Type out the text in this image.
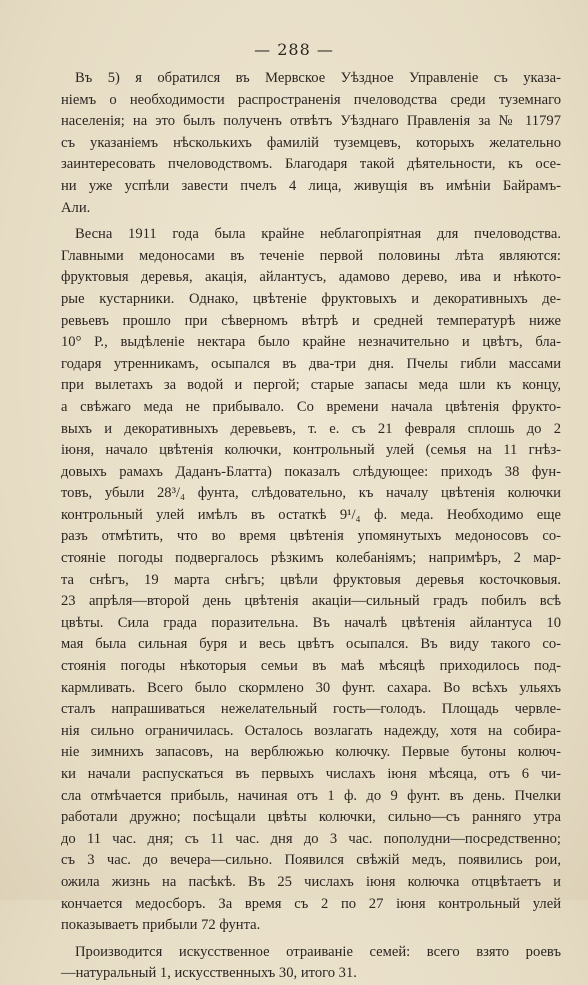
— 288 —
Въ 5) я обратился въ Мервское Уѣздное Управленіе съ указа-
ніемъ о необходимости распространенія пчеловодства среди туземнаго
населенія; на это былъ полученъ отвѣтъ Уѣзднаго Правленія за № 11797
съ указаніемъ нѣсколькихъ фамилій туземцевъ, которыхъ желательно
заинтересовать пчеловодствомъ. Благодаря такой дѣятельности, къ осе-
ни уже успѣли завести пчелъ 4 лица, живущія въ имѣніи Байрамъ-
Али.
Весна 1911 года была крайне неблагопріятная для пчеловодства.
Главными медоносами въ теченіе первой половины лѣта являются:
фруктовыя деревья, акація, айлантусъ, адамово дерево, ива и нѣкото-
рые кустарники. Однако, цвѣтеніе фруктовыхъ и декоративныхъ де-
ревьевъ прошло при сѣверномъ вѣтрѣ и средней температурѣ ниже
10° Р., выдѣленіе нектара было крайне незначительно и цвѣтъ, бла-
годаря утренникамъ, осыпался въ два-три дня. Пчелы гибли массами
при вылетахъ за водой и пергой; старые запасы меда шли къ концу,
а свѣжаго меда не прибывало. Со времени начала цвѣтенія фрукто-
выхъ и декоративныхъ деревьевъ, т. е. съ 21 февраля сплошь до 2
іюня, начало цвѣтенія колючки, контрольный улей (семья на 11 гнѣз-
довыхъ рамахъ Даданъ-Блатта) показалъ слѣдующее: приходъ 38 фун-
товъ, убыли 28³/₄ фунта, слѣдовательно, къ началу цвѣтенія колючки
контрольный улей имѣлъ въ остаткѣ 9¹/₄ ф. меда. Необходимо еще
разъ отмѣтить, что во время цвѣтенія упомянутыхъ медоносовъ со-
стояніе погоды подвергалось рѣзкимъ колебаніямъ; напримѣръ, 2 мар-
та снѣгъ, 19 марта снѣгъ; цвѣли фруктовыя деревья косточковыя.
23 апрѣля—второй день цвѣтенія акаціи—сильный градъ побилъ всѣ
цвѣты. Сила града поразительна. Въ началѣ цвѣтенія айлантуса 10
мая была сильная буря и весь цвѣтъ осыпался. Въ виду такого со-
стоянія погоды нѣкоторыя семьи въ маѣ мѣсяцѣ приходилось под-
кармливать. Всего было скормлено 30 фунт. сахара. Во всѣхъ ульяхъ
сталъ напрашиваться нежелательный гость—голодъ. Площадь червле-
нія сильно ограничилась. Осталось возлагать надежду, хотя на собира-
ніе зимнихъ запасовъ, на верблюжью колючку. Первые бутоны колюч-
ки начали распускаться въ первыхъ числахъ іюня мѣсяца, отъ 6 чи-
сла отмѣчается прибыль, начиная отъ 1 ф. до 9 фунт. въ день. Пчелки
работали дружно; посѣщали цвѣты колючки, сильно—съ ранняго утра
до 11 час. дня; съ 11 час. дня до 3 час. пополудни—посредственно;
съ 3 час. до вечера—сильно. Появился свѣжій медъ, появились рои,
ожила жизнь на пасѣкѣ. Въ 25 числахъ іюня колючка отцвѣтаетъ и
кончается медосборъ. За время съ 2 по 27 іюня контрольный улей
показываетъ прибыли 72 фунта.
Производится искусственное отраиваніе семей: всего взято роевъ
—натуральный 1, искусственныхъ 30, итого 31.
